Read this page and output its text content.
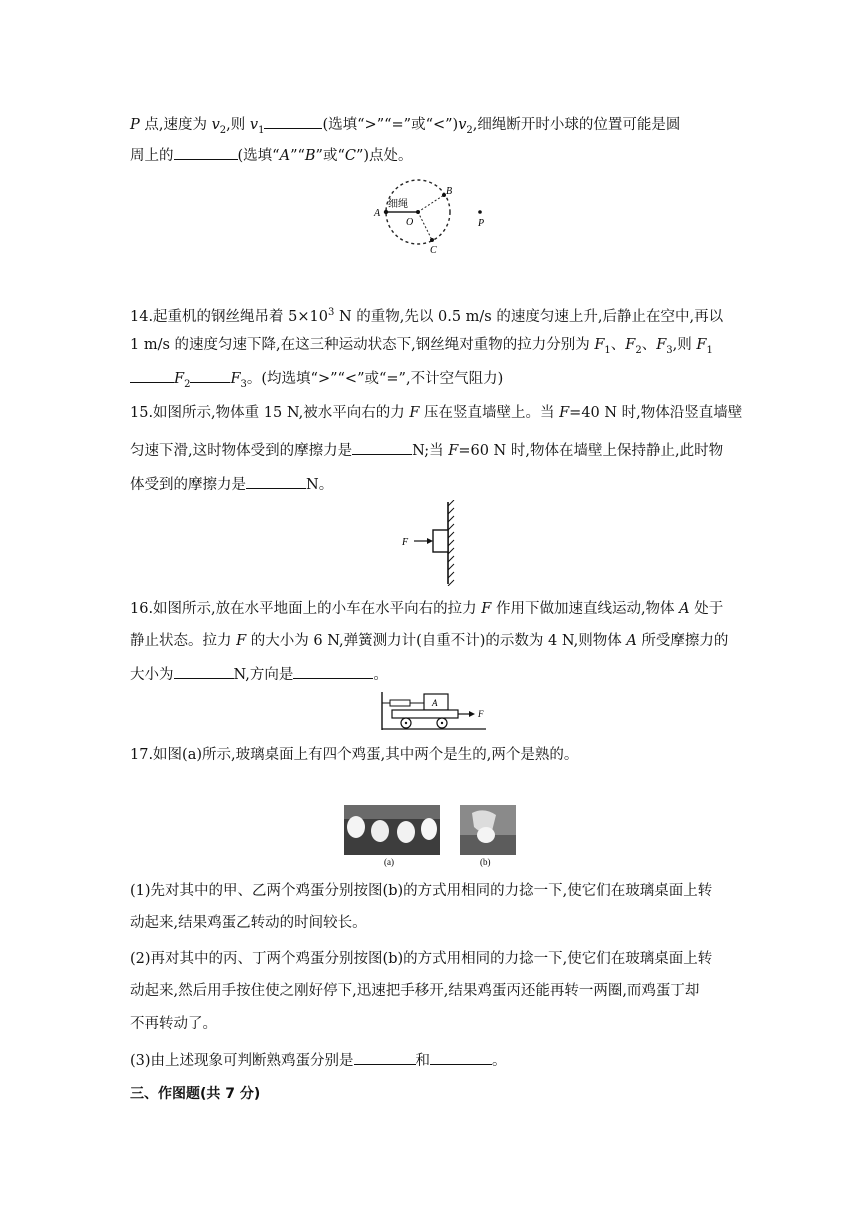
P 点,速度为 $v_2$,则 $v_1$	(选填“>”“=”或“$<”)v_2$,细绳断开时小球的位置可能是圆
周上的	(选填“A”“B”或“C”)点处。
A
B
C
O	P
细绳
14.起重机的钢丝绳吊着 $5\times 10^3$ N 的重物,先以 0.5 m/s 的速度匀速上升,后静止在空中,再以
1 m/s 的速度匀速下降,在这三种运动状态下,钢丝绳对重物的拉力分别为 $F_1$、$F_2$、$F_3$,则 $F_1$
$F_2$	$F_3$。(均选填“>”“<”或“=”,不计空气阻力)
15.如图所示,物体重 15 N,被水平向右的力 F 压在竖直墙壁上。当 F=40 N 时,物体沿竖直墙壁
匀速下滑,这时物体受到的摩擦力是	N;当 F=60 N 时,物体在墙壁上保持静止,此时物
体受到的摩擦力是	N。
F
16.如图所示,放在水平地面上的小车在水平向右的拉力 F 作用下做加速直线运动,物体 A 处于
静止状态。拉力 F 的大小为 6 N,弹簧测力计(自重不计)的示数为 4 N,则物体 A 所受摩擦力的
大小为	N,方向是	。
A
F
17.如图(a)所示,玻璃桌面上有四个鸡蛋,其中两个是生的,两个是熟的。
(a)	(b)
(1)先对其中的甲、乙两个鸡蛋分别按图(b)的方式用相同的力捻一下,使它们在玻璃桌面上转
动起来,结果鸡蛋乙转动的时间较长。
(2)再对其中的丙、丁两个鸡蛋分别按图(b)的方式用相同的力捻一下,使它们在玻璃桌面上转
动起来,然后用手按住使之刚好停下,迅速把手移开,结果鸡蛋丙还能再转一两圈,而鸡蛋丁却
不再转动了。
(3)由上述现象可判断熟鸡蛋分别是	和	。
三、作图题(共 7 分)
